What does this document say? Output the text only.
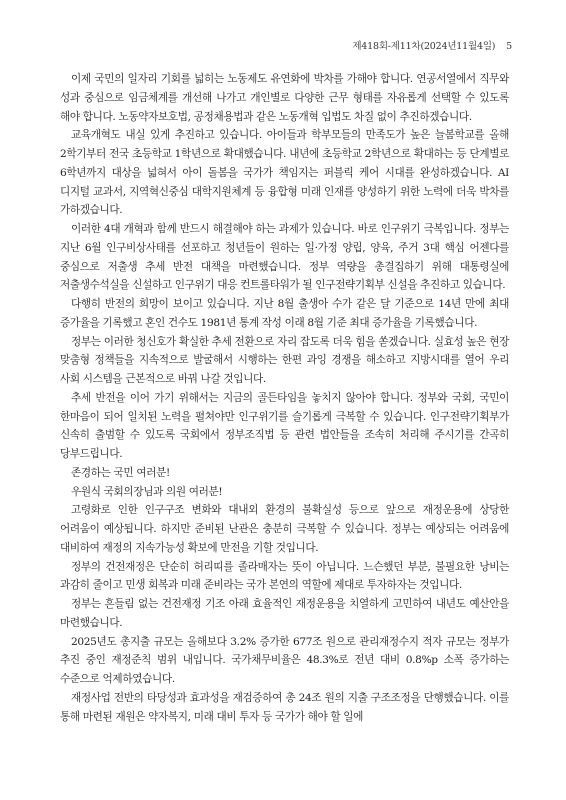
제418회-제11차(2024년11월4일) 5

이제 국민의 일자리 기회를 넓히는 노동제도 유연화에 박차를 가해야 합니다. 연공서열에서 직무와 성과 중심으로 임금체계를 개선해 나가고 개인별로 다양한 근무 형태를 자유롭게 선택할 수 있도록 해야 합니다. 노동약자보호법, 공정채용법과 같은 노동개혁 입법도 차질 없이 추진하겠습니다.

교육개혁도 내실 있게 추진하고 있습니다. 아이들과 학부모들의 만족도가 높은 늘봄학교를 올해 2학기부터 전국 초등학교 1학년으로 확대했습니다. 내년에 초등학교 2학년으로 확대하는 등 단계별로 6학년까지 대상을 넓혀서 아이 돌봄을 국가가 책임지는 퍼블릭 케어 시대를 완성하겠습니다. AI 디지털 교과서, 지역혁신중심 대학지원체계 등 융합형 미래 인재를 양성하기 위한 노력에 더욱 박차를 가하겠습니다.

이러한 4대 개혁과 함께 반드시 해결해야 하는 과제가 있습니다. 바로 인구위기 극복입니다. 정부는 지난 6월 인구비상사태를 선포하고 청년들이 원하는 일·가정 양립, 양육, 주거 3대 핵심 어젠다를 중심으로 저출생 추세 반전 대책을 마련했습니다. 정부 역량을 총결집하기 위해 대통령실에 저출생수석실을 신설하고 인구위기 대응 컨트롤타워가 될 인구전략기획부 신설을 추진하고 있습니다.

다행히 반전의 희망이 보이고 있습니다. 지난 8월 출생아 수가 같은 달 기준으로 14년 만에 최대 증가율을 기록했고 혼인 건수도 1981년 통계 작성 이래 8월 기준 최대 증가율을 기록했습니다.

정부는 이러한 청신호가 확실한 추세 전환으로 자리 잡도록 더욱 힘을 쏟겠습니다. 실효성 높은 현장 맞춤형 정책들을 지속적으로 발굴해서 시행하는 한편 과잉 경쟁을 해소하고 지방시대를 열어 우리 사회 시스템을 근본적으로 바꿔 나갈 것입니다.

추세 반전을 이어 가기 위해서는 지금의 골든타임을 놓치지 않아야 합니다. 정부와 국회, 국민이 한마음이 되어 일치된 노력을 펼쳐야만 인구위기를 슬기롭게 극복할 수 있습니다. 인구전략기획부가 신속히 출범할 수 있도록 국회에서 정부조직법 등 관련 법안들을 조속히 처리해 주시기를 간곡히 당부드립니다.

존경하는 국민 여러분!

우원식 국회의장님과 의원 여러분!

고령화로 인한 인구구조 변화와 대내외 환경의 불확실성 등으로 앞으로 재정운용에 상당한 어려움이 예상됩니다. 하지만 준비된 난관은 충분히 극복할 수 있습니다. 정부는 예상되는 어려움에 대비하여 재정의 지속가능성 확보에 만전을 기할 것입니다.

정부의 건전재정은 단순히 허리띠를 졸라매자는 뜻이 아닙니다. 느슨했던 부분, 불필요한 낭비는 과감히 줄이고 민생 회복과 미래 준비라는 국가 본연의 역할에 제대로 투자하자는 것입니다.

정부는 흔들림 없는 건전재정 기조 아래 효율적인 재정운용을 치열하게 고민하여 내년도 예산안을 마련했습니다.

2025년도 총지출 규모는 올해보다 3.2% 증가한 677조 원으로 관리재정수지 적자 규모는 정부가 추진 중인 재정준칙 범위 내입니다. 국가채무비율은 48.3%로 전년 대비 0.8%p 소폭 증가하는 수준으로 억제하였습니다.

재정사업 전반의 타당성과 효과성을 재검증하여 총 24조 원의 지출 구조조정을 단행했습니다. 이를 통해 마련된 재원은 약자복지, 미래 대비 투자 등 국가가 해야 할 일에
